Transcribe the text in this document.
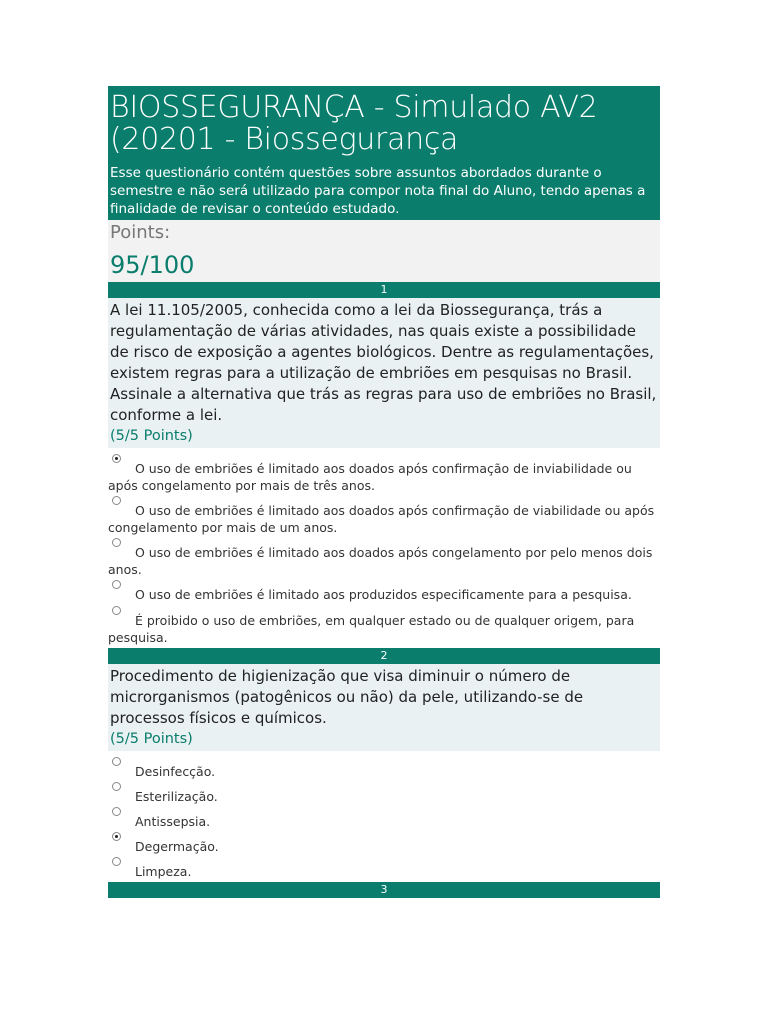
BIOSSEGURANÇA - Simulado AV2
(20201 - Biossegurança
Esse questionário contém questões sobre assuntos abordados durante o semestre e não será utilizado para compor nota final do Aluno, tendo apenas a finalidade de revisar o conteúdo estudado.
Points:
95/100
1
A lei 11.105/2005, conhecida como a lei da Biossegurança, trás a regulamentação de várias atividades, nas quais existe a possibilidade de risco de exposição a agentes biológicos. Dentre as regulamentações, existem regras para a utilização de embriões em pesquisas no Brasil. Assinale a alternativa que trás as regras para uso de embriões no Brasil, conforme a lei.
(5/5 Points)
O uso de embriões é limitado aos doados após confirmação de inviabilidade ou após congelamento por mais de três anos.
O uso de embriões é limitado aos doados após confirmação de viabilidade ou após congelamento por mais de um anos.
O uso de embriões é limitado aos doados após congelamento por pelo menos dois anos.
O uso de embriões é limitado aos produzidos especificamente para a pesquisa.
É proibido o uso de embriões, em qualquer estado ou de qualquer origem, para pesquisa.
2
Procedimento de higienização que visa diminuir o número de microrganismos (patogênicos ou não) da pele, utilizando-se de processos físicos e químicos.
(5/5 Points)
Desinfecção.
Esterilização.
Antissepsia.
Degermação.
Limpeza.
3
